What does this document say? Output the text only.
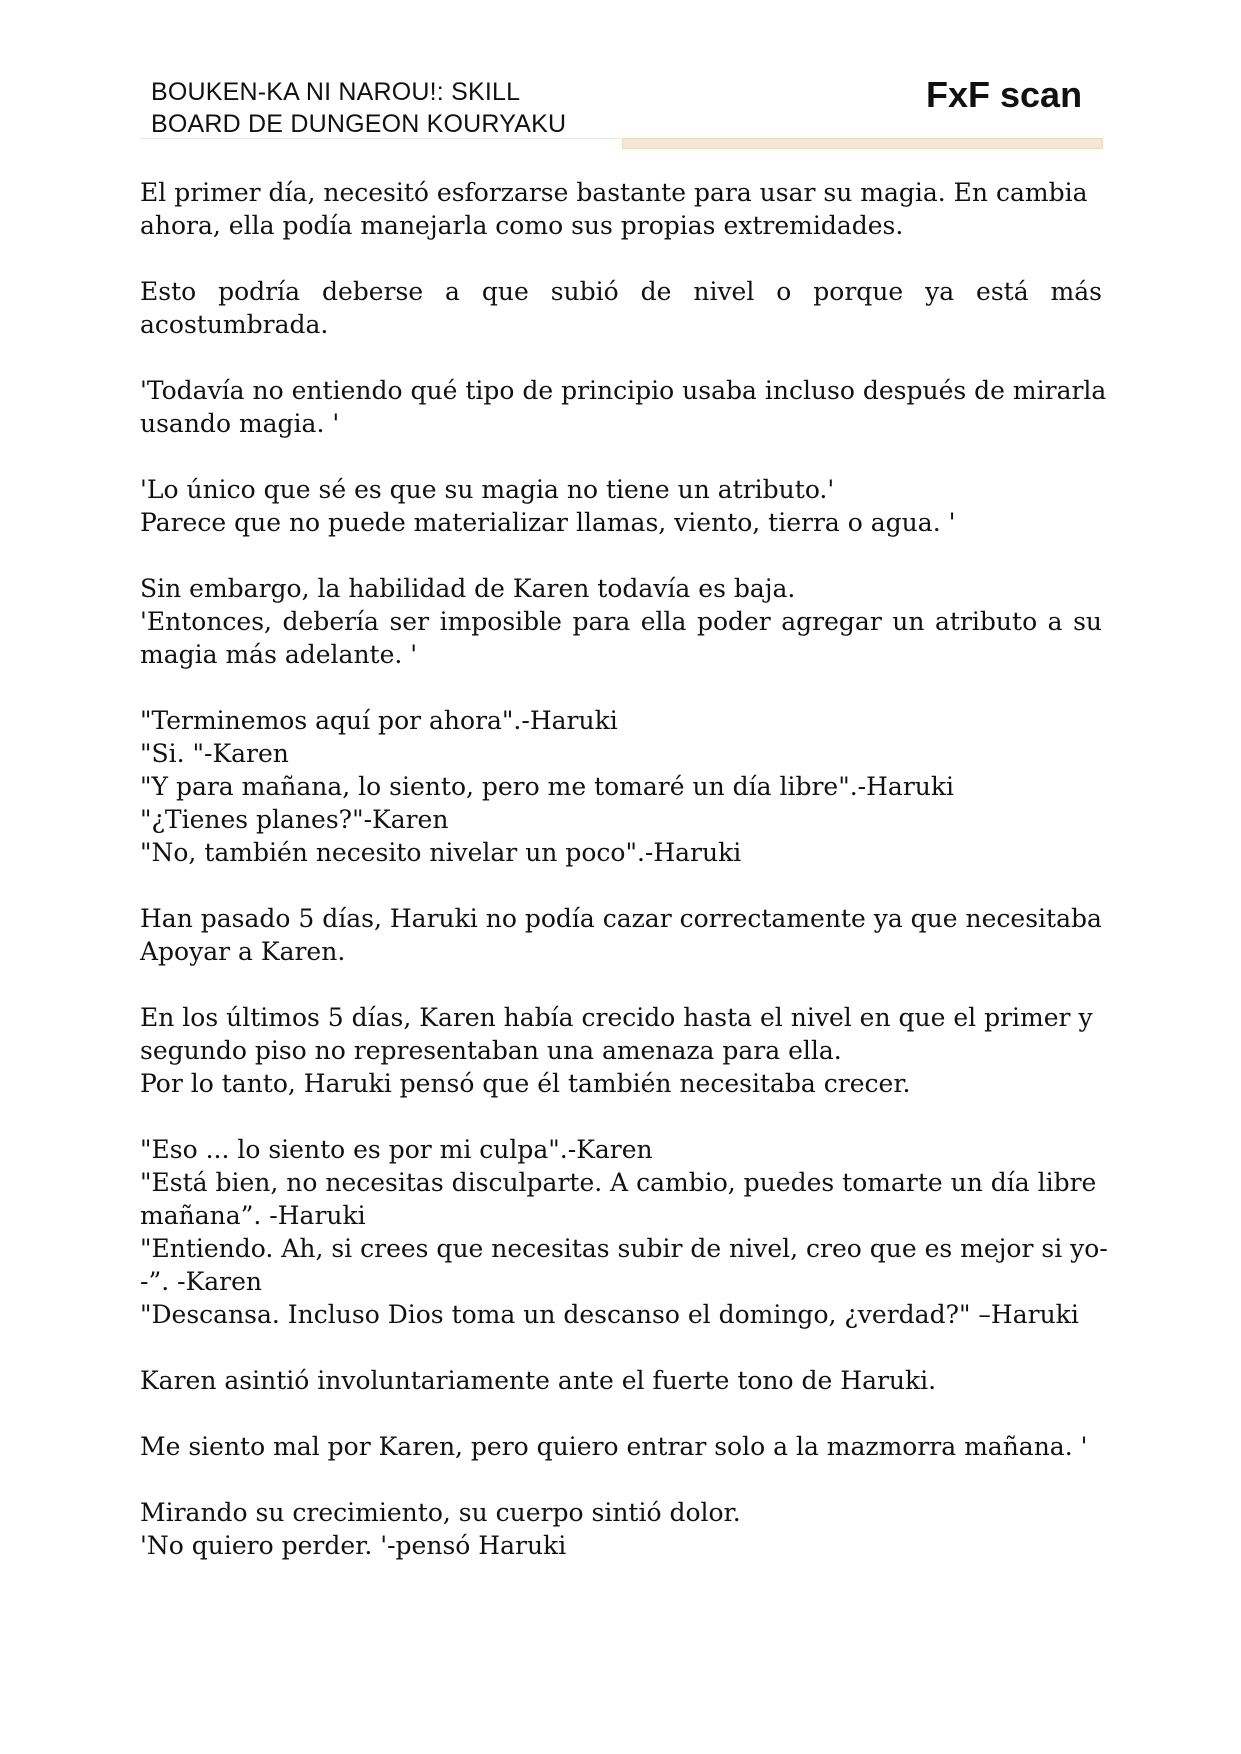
BOUKEN-KA NI NAROU!: SKILL
BOARD DE DUNGEON KOURYAKU
FxF scan
El primer día, necesitó esforzarse bastante para usar su magia. En cambia
ahora, ella podía manejarla como sus propias extremidades.
Esto podría deberse a que subió de nivel o porque ya está más
acostumbrada.
'Todavía no entiendo qué tipo de principio usaba incluso después de mirarla
usando magia. '
'Lo único que sé es que su magia no tiene un atributo.'
Parece que no puede materializar llamas, viento, tierra o agua. '
Sin embargo, la habilidad de Karen todavía es baja.
'Entonces, debería ser imposible para ella poder agregar un atributo a su
magia más adelante. '
"Terminemos aquí por ahora".-Haruki
"Si. "-Karen
"Y para mañana, lo siento, pero me tomaré un día libre".-Haruki
"¿Tienes planes?"-Karen
"No, también necesito nivelar un poco".-Haruki
Han pasado 5 días, Haruki no podía cazar correctamente ya que necesitaba
Apoyar a Karen.
En los últimos 5 días, Karen había crecido hasta el nivel en que el primer y
segundo piso no representaban una amenaza para ella.
Por lo tanto, Haruki pensó que él también necesitaba crecer.
"Eso ... lo siento es por mi culpa".-Karen
"Está bien, no necesitas disculparte. A cambio, puedes tomarte un día libre
mañana”. -Haruki
"Entiendo. Ah, si crees que necesitas subir de nivel, creo que es mejor si yo-
-”. -Karen
"Descansa. Incluso Dios toma un descanso el domingo, ¿verdad?" –Haruki
Karen asintió involuntariamente ante el fuerte tono de Haruki.
Me siento mal por Karen, pero quiero entrar solo a la mazmorra mañana. '
Mirando su crecimiento, su cuerpo sintió dolor.
'No quiero perder. '-pensó Haruki
